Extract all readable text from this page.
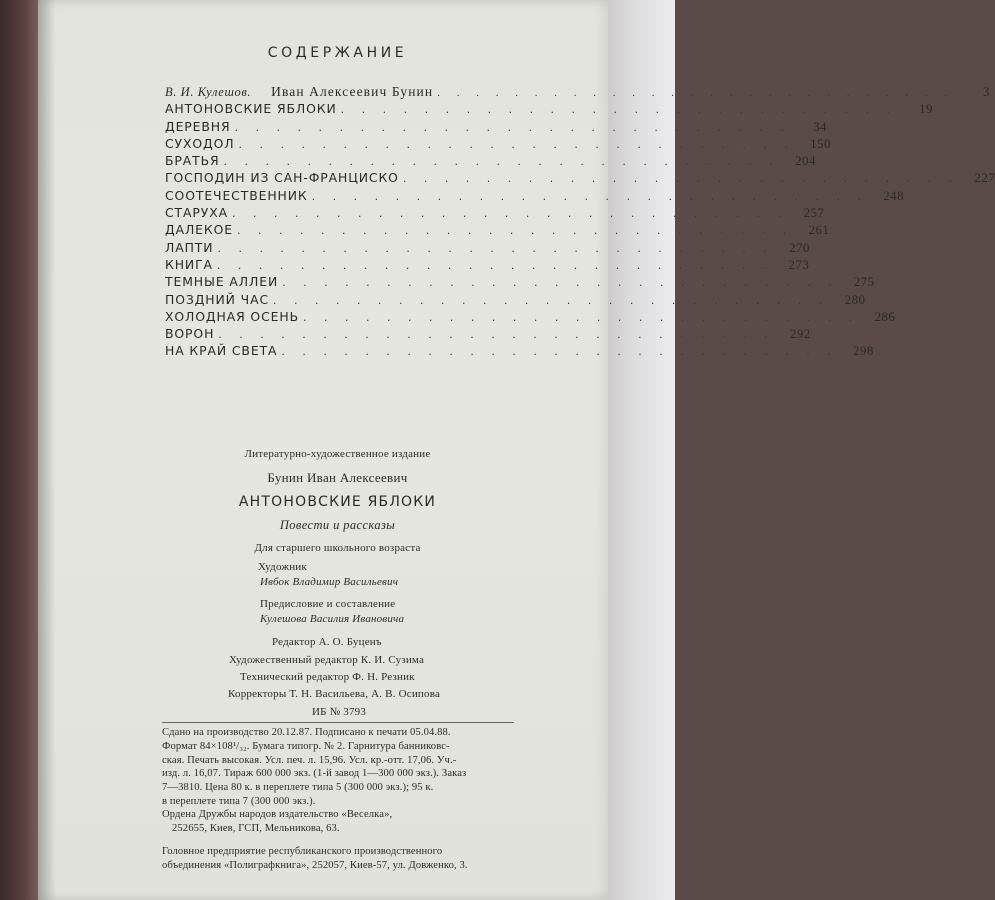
СОДЕРЖАНИЕ
В. И. Кулешов. Иван Алексеевич Бунин . . . . . . . . . . . . . . . . . . . . . . . . . . .	3
АНТОНОВСКИЕ ЯБЛОКИ . . . . . . . . . . . . . . . . . . . . . . . . . . .	19
ДЕРЕВНЯ . . . . . . . . . . . . . . . . . . . . . . . . . . .	34
СУХОДОЛ . . . . . . . . . . . . . . . . . . . . . . . . . . .	150
БРАТЬЯ . . . . . . . . . . . . . . . . . . . . . . . . . . .	204
ГОСПОДИН ИЗ САН-ФРАНЦИСКО . . . . . . . . . . . . . . . . . . . . . . . . . . .	227
СООТЕЧЕСТВЕННИК . . . . . . . . . . . . . . . . . . . . . . . . . . .	248
СТАРУХА . . . . . . . . . . . . . . . . . . . . . . . . . . .	257
ДАЛЕКОЕ . . . . . . . . . . . . . . . . . . . . . . . . . . .	261
ЛАПТИ . . . . . . . . . . . . . . . . . . . . . . . . . . .	270
КНИГА . . . . . . . . . . . . . . . . . . . . . . . . . . .	273
ТЕМНЫЕ АЛЛЕИ . . . . . . . . . . . . . . . . . . . . . . . . . . .	275
ПОЗДНИЙ ЧАС . . . . . . . . . . . . . . . . . . . . . . . . . . .	280
ХОЛОДНАЯ ОСЕНЬ . . . . . . . . . . . . . . . . . . . . . . . . . . .	286
ВОРОН . . . . . . . . . . . . . . . . . . . . . . . . . . .	292
НА КРАЙ СВЕТА . . . . . . . . . . . . . . . . . . . . . . . . . . .	298
Литературно-художественное издание
Бунин Иван Алексеевич
АНТОНОВСКИЕ ЯБЛОКИ
Повести и рассказы
Для старшего школьного возраста
Художник
Ивбок Владимир Васильевич
Предисловие и составление
Кулешова Василия Ивановича
Редактор А. О. Буценъ
Художественный редактор К. И. Сузима
Технический редактор Ф. Н. Резник
Корректоры Т. Н. Васильева, А. В. Осипова
ИБ № 3793
Сдано на производство 20.12.87. Подписано к печати 05.04.88.
Формат 84×108¹/₃₂. Бумага типогр. № 2. Гарнитура банниковс-
ская. Печать высокая. Усл. печ. л. 15,96. Усл. кр.-отт. 17,06. Уч.-
изд. л. 16,07. Тираж 600 000 экз. (1-й завод 1—300 000 экз.). Заказ
7—3810. Цена 80 к. в переплете типа 5 (300 000 экз.); 95 к.
в переплете типа 7 (300 000 экз.).
Ордена Дружбы народов издательство «Веселка»,
252655, Киев, ГСП, Мельникова, 63.
Головное предприятие республиканского производственного
объединения «Полиграфкнига», 252057, Киев-57, ул. Довженко, 3.
